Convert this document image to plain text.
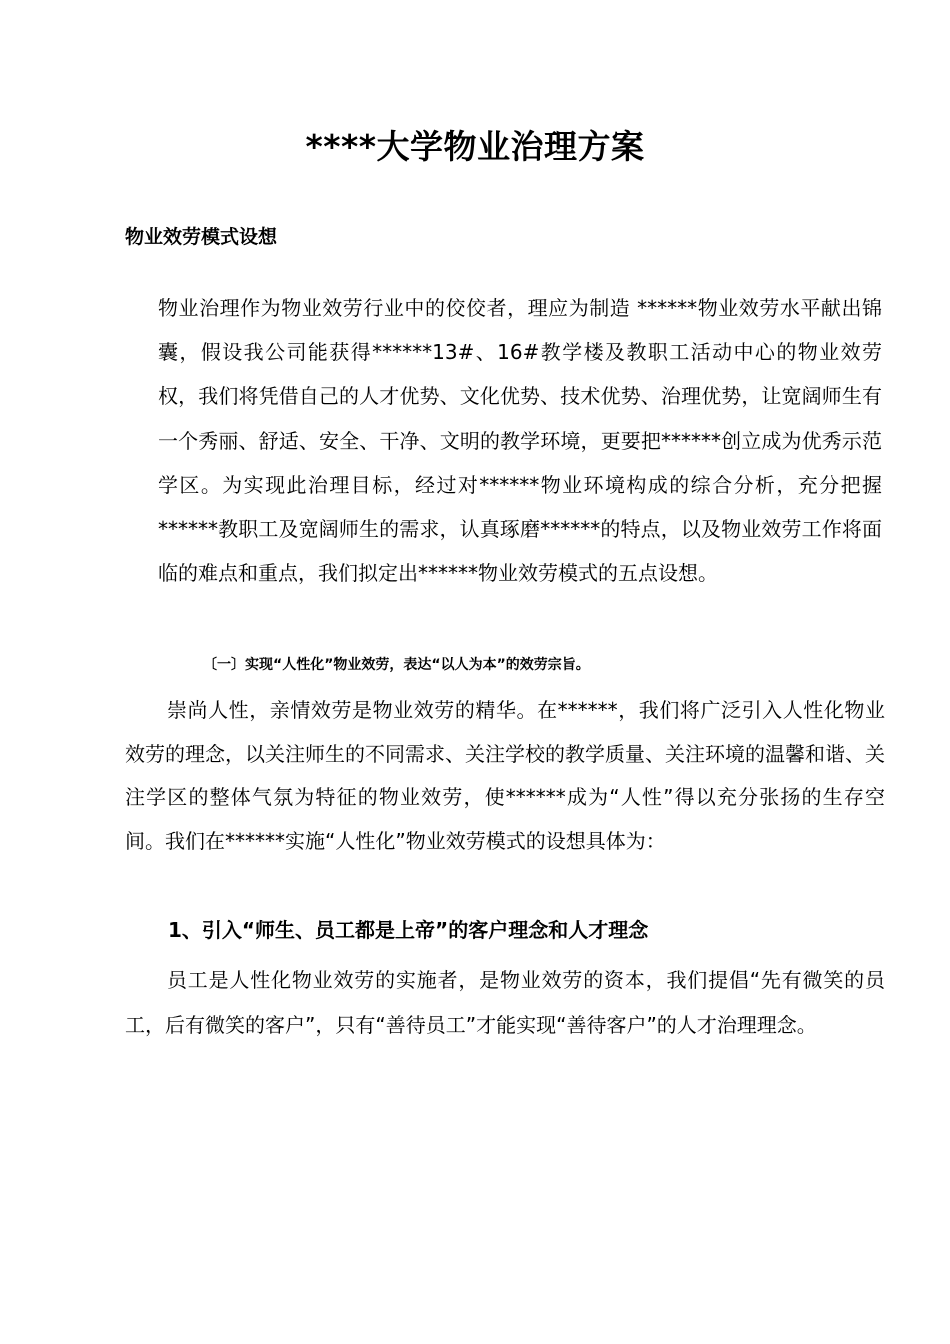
****大学物业治理方案
物业效劳模式设想

物业治理作为物业效劳行业中的佼佼者，理应为制造 ******物业效劳水平献出锦囊，假设我公司能获得******13#、16#教学楼及教职工活动中心的物业效劳权，我们将凭借自己的人才优势、文化优势、技术优势、治理优势，让宽阔师生有一个秀丽、舒适、安全、干净、文明的教学环境，更要把******创立成为优秀示范学区。为实现此治理目标，经过对******物业环境构成的综合分析，充分把握******教职工及宽阔师生的需求，认真琢磨******的特点，以及物业效劳工作将面临的难点和重点，我们拟定出******物业效劳模式的五点设想。

〔一〕实现“人性化”物业效劳，表达“以人为本”的效劳宗旨。

崇尚人性，亲情效劳是物业效劳的精华。在******，我们将广泛引入人性化物业效劳的理念，以关注师生的不同需求、关注学校的教学质量、关注环境的温馨和谐、关注学区的整体气氛为特征的物业效劳，使******成为“人性”得以充分张扬的生存空间。我们在******实施“人性化”物业效劳模式的设想具体为：

1、引入“师生、员工都是上帝”的客户理念和人才理念

员工是人性化物业效劳的实施者，是物业效劳的资本，我们提倡“先有微笑的员工，后有微笑的客户”，只有“善待员工”才能实现“善待客户”的人才治理理念。
